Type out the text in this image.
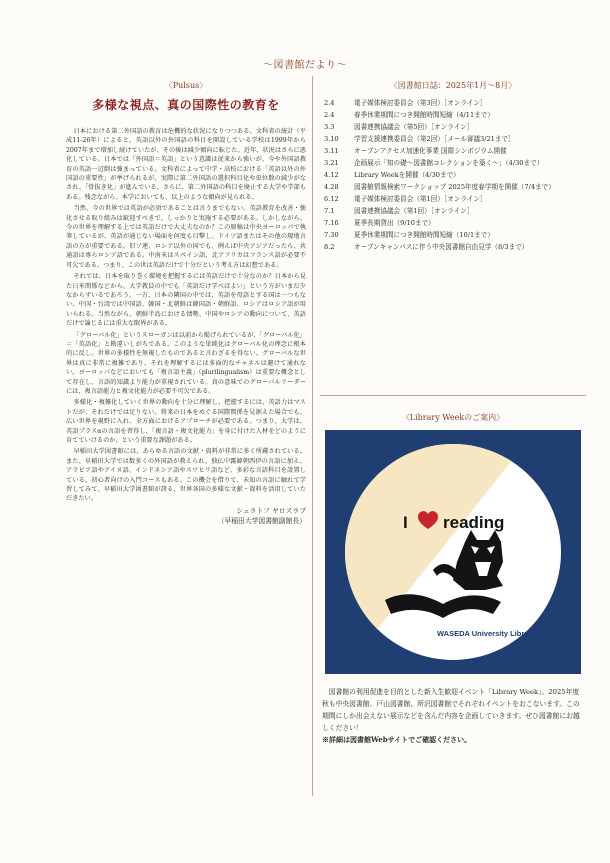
～図書館だより～

〈Pulsus〉

多様な視点、真の国際性の教育を

日本における第二外国語の教育は危機的な状況になりつつある。文科省の統計（平成11-26年）によると、英語以外の外国語の科目を開設している学校は1999年から2007年まで増加し続けていたが、その後は減少傾向に転じた。近年、状況はさらに悪化している。日本では「外国語＝英語」という意識は従来から強いが、今や外国語教育の英語一辺倒は強まっている。文科省によって中学・高校における「英語以外の外国語の重要性」が挙げられるが、実際に第二外国語の選択科目化や単位数の減少がなされ、「骨抜き化」が進んでいる。さらに、第二外国語の科目を廃止する大学や学部もある。残念ながら、本学においても、以上のような傾向が見られる。

当然、今の世界では英語が必須であることは言うまでもない。英語教育を改善・強化させる取り組みは歓迎すべきで、しっかりと実施する必要がある。しかしながら、今の世界を理解する上では英語だけで大丈夫なのか？この原稿は中央ヨーロッパで執筆しているが、英語が通じない場面を何度も目撃し、ドイツ語またはその他の現地言語の方が重要である。旧ソ連、ロシア以外の国でも、例えば中央アジアだったら、共通語は専らロシア語である。中南米はスペイン語、北アフリカはフランス語が必要不可欠である。つまり、この世は英語だけで十分だという考え方は幻想である。

それでは、日本を取り巻く環境を把握するには英語だけで十分なのか？日本から見た日米関係などから、大学教員の中でも「英語だけ学べばよい」という方がいまだ少なからずいるであろう。一方、日本の隣国の中では、英語を母語とする国は一つもない。中国・台湾では中国語、韓国・北朝鮮は韓国語・朝鮮語、ロシアはロシア語が用いられる。当然ながら、朝鮮半島における情勢、中国やロシアの動向について、英語だけで論じるには重大な限界がある。

「グローバル化」というスローガンは以前から掲げられているが、「グローバル化」＝「英語化」と勘違いしがちである。このような単純化はグローバル化の理念に根本的に反し、世界の多様性を無視したものであると言わざるを得ない。グローバルな世界は真に非常に複雑であり、それを理解するには多面的なチャネルは避けて通れない。ヨーロッパなどにおいても「複言語主義」（plurilingualism）は重要な概念として存在し、言語的知識より能力が重視されている。真の意味でのグローバルリーダーには、複言語能力と複文化能力が必要不可欠である。

多様化・複雑化していく世界の動向を十分に理解し、把握するには、英語力はマストだが、それだけでは足りない。将来の日本をめぐる国際関係を見据えた場合でも、広い世界を視野に入れ、全方面におけるアプローチが必要である。つまり、大学は、英語プラスαの言語を習得し、「複言語・複文化能力」を身に付けた人材をどのように育てていけるのか、という重要な課題がある。

早稲田大学図書館には、あらゆる言語の文献・資料が非常に多く所蔵されている。また、早稲田大学では数多くの外国語が教えられ、独仏中露韓朝西伊の言語に加え、アラビア語やアイヌ語、インドネシア語やスワヒリ語など、多彩な言語科目を設置している。初心者向けの入門コースもある。この機会を借りて、未知の言語に触れて学習してみて、早稲田大学図書館が誇る、世界各国の多様な文献・資料を活用していただきたい。

シュラトフ ヤロスラブ

（早稲田大学図書館副館長）

〈図書館日誌：2025年1月～8月〉

2.4	電子媒体検討委員会（第3回）［オンライン］
2.4	春季休業期間につき開館時間短縮（4/11まで）
3.3	図書連携協議会（第5回）［オンライン］
3.10	学習支援連携委員会（第2回）［メール審議3/21まで］
3.11	オープンアクセス加速化事業 国際シンポジウム開催
3.21	企画展示「知の礎～図書館コレクションを築く～」（4/30まで）
4.12	Library Weekを開催（4/30まで）
4.28	図書館情報検索ワークショップ 2025年度春学期を開催（7/4まで）
6.12	電子媒体検討委員会（第1回）［オンライン］
7.1	図書連携協議会（第1回）［オンライン］
7.16	夏季長期貸出（9/10まで）
7.30	夏季休業期間につき開館時間短縮（10/1まで）
8.2	オープンキャンパスに伴う中央図書館自由見学（8/3まで）

〈Library Weekのご案内〉

I reading
WASEDA University Library

図書館の利用促進を目的とした新入生歓迎イベント「Library Week」。2025年度秋も中央図書館、戸山図書館、所沢図書館でそれぞれイベントをおこないます。この期間にしか出会えない展示などを含んだ内容を企画していきます。ぜひ図書館にお越しください！

※詳細は図書館Webサイトでご確認ください。
